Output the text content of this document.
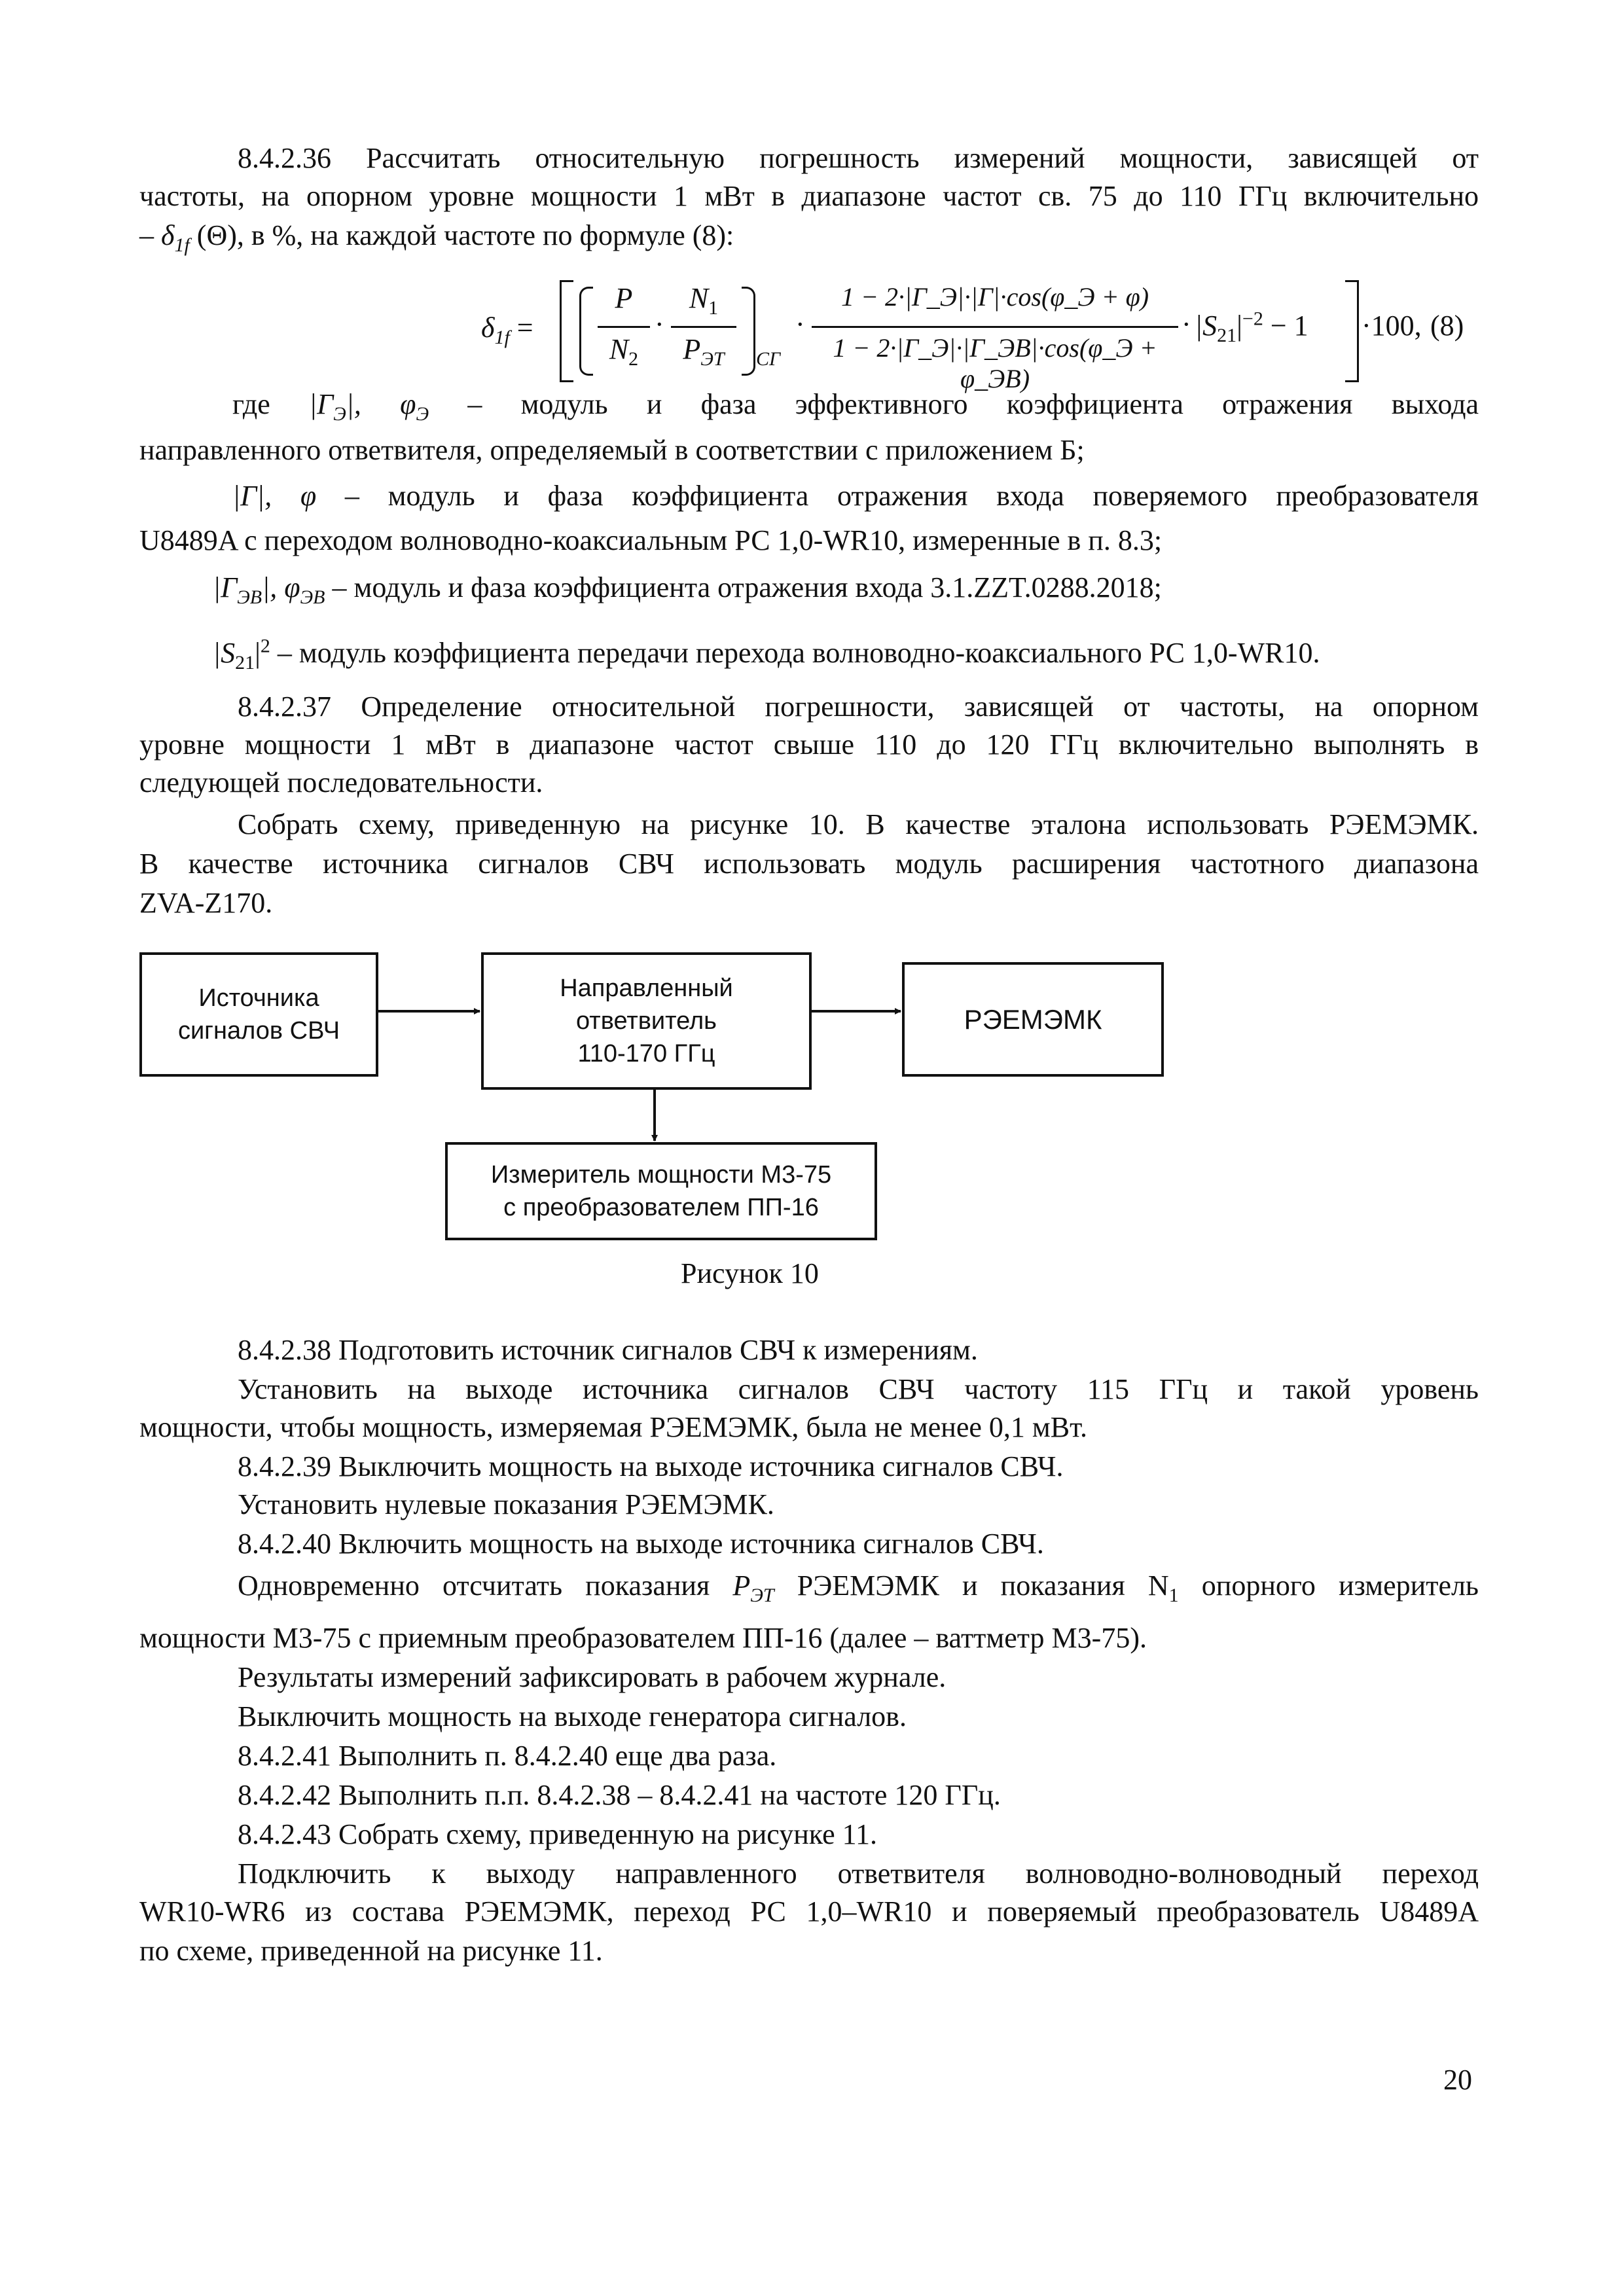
8.4.2.36 Рассчитать относительную погрешность измерений мощности, зависящей от
частоты, на опорном уровне мощности 1 мВт в диапазоне частот св. 75 до 110 ГГц включительно
– $\delta_{1f}$ (Θ), в %, на каждой частоте по формуле (8):
$\delta_{1f}$ =
P
$N_2$
·
$N_1$
$P_{ЭТ}$	СГ
·
1 − 2·|Γ_Э|·|Γ|·cos(φ_Э + φ)
1 − 2·|Γ_Э|·|Γ_ЭВ|·cos(φ_Э + φ_ЭВ)
· $|S_{21}|^{-2} - 1 \cdot 100$, (8)
где $|\Gamma_Э|$, $\varphi_Э$ – модуль и фаза эффективного коэффициента отражения выхода
направленного ответвителя, определяемый в соответствии с приложением Б;
|Γ|, φ – модуль и фаза коэффициента отражения входа поверяемого преобразователя
U8489A с переходом волноводно-коаксиальным РС 1,0-WR10, измеренные в п. 8.3;
$|\Gamma_{ЭВ}|$, $\varphi_{ЭВ}$ – модуль и фаза коэффициента отражения входа 3.1.ZZT.0288.2018;
$|S_{21}|^2$ – модуль коэффициента передачи перехода волноводно-коаксиального РС 1,0-WR10.
8.4.2.37 Определение относительной погрешности, зависящей от частоты, на опорном
уровне мощности 1 мВт в диапазоне частот свыше 110 до 120 ГГц включительно выполнять в
следующей последовательности.
Собрать схему, приведенную на рисунке 10. В качестве эталона использовать РЭЕМЭМК.
В качестве источника сигналов СВЧ использовать модуль расширения частотного диапазона
ZVA-Z170.
Источника
сигналов СВЧ
Направленный
ответвитель
110-170 ГГц
РЭЕМЭМК
Измеритель мощности М3-75
с преобразователем ПП-16
Рисунок 10
8.4.2.38 Подготовить источник сигналов СВЧ к измерениям.
Установить на выходе источника сигналов СВЧ частоту 115 ГГц и такой уровень
мощности, чтобы мощность, измеряемая РЭЕМЭМК, была не менее 0,1 мВт.
8.4.2.39 Выключить мощность на выходе источника сигналов СВЧ.
Установить нулевые показания РЭЕМЭМК.
8.4.2.40 Включить мощность на выходе источника сигналов СВЧ.
Одновременно отсчитать показания $P_{ЭТ}$ РЭЕМЭМК и показания $N_1$ опорного измеритель
мощности М3-75 с приемным преобразователем ПП-16 (далее – ваттметр М3-75).
Результаты измерений зафиксировать в рабочем журнале.
Выключить мощность на выходе генератора сигналов.
8.4.2.41 Выполнить п. 8.4.2.40 еще два раза.
8.4.2.42 Выполнить п.п. 8.4.2.38 – 8.4.2.41 на частоте 120 ГГц.
8.4.2.43 Собрать схему, приведенную на рисунке 11.
Подключить к выходу направленного ответвителя волноводно-волноводный переход
WR10-WR6 из состава РЭЕМЭМК, переход РС 1,0–WR10 и поверяемый преобразователь U8489A
по схеме, приведенной на рисунке 11.
20
